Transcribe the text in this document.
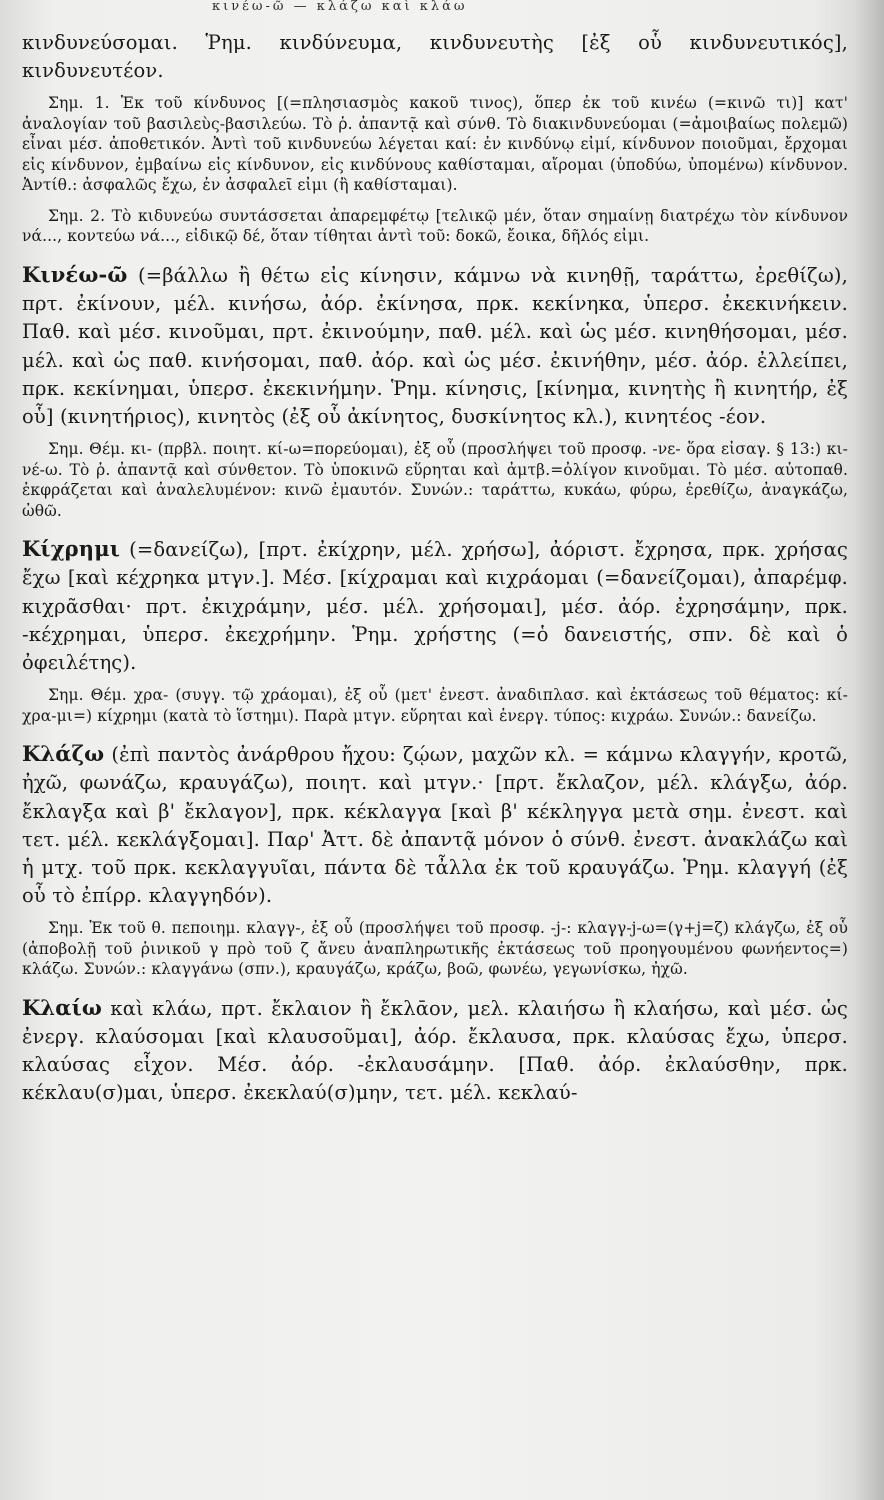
κινέω-ῶ — κλάζω καὶ κλάω

κινδυνεύσομαι. Ῥημ. κινδύνευμα, κινδυνευτὴς [ἐξ οὗ κινδυνευτικός], κινδυνευτέον.

Σημ. 1. Ἐκ τοῦ κίνδυνος [(=πλησιασμὸς κακοῦ τινος), ὅπερ ἐκ τοῦ κινέω (=κινῶ τι)] κατ' ἀναλογίαν τοῦ βασιλεὺς-βασιλεύω. Τὸ ῥ. ἀπαντᾷ καὶ σύνθ. Τὸ διακινδυνεύομαι (=ἀμοιβαίως πολεμῶ) εἶναι μέσ. ἀποθετικόν. Ἀντὶ τοῦ κινδυνεύω λέγεται καί: ἐν κινδύνῳ εἰμί, κίνδυνον ποιοῦμαι, ἔρχομαι εἰς κίνδυνον, ἐμβαίνω εἰς κίνδυνον, εἰς κινδύνους καθίσταμαι, αἴρομαι (ὑποδύω, ὑπομένω) κίνδυνον. Ἀντίθ.: ἀσφαλῶς ἔχω, ἐν ἀσφαλεῖ εἰμι (ἢ καθίσταμαι).

Σημ. 2. Τὸ κιδυνεύω συντάσσεται ἀπαρεμφέτῳ [τελικῷ μέν, ὅταν σημαίνῃ διατρέχω τὸν κίνδυνον νά..., κοντεύω νά..., εἰδικῷ δέ, ὅταν τίθηται ἀντὶ τοῦ: δοκῶ, ἔοικα, δῆλός εἰμι.

Κινέω-ῶ (=βάλλω ἢ θέτω εἰς κίνησιν, κάμνω νὰ κινηθῇ, ταράττω, ἐρεθίζω), πρτ. ἐκίνουν, μέλ. κινήσω, ἀόρ. ἐκίνησα, πρκ. κεκίνηκα, ὑπερσ. ἐκεκινήκειν. Παθ. καὶ μέσ. κινοῦμαι, πρτ. ἐκινούμην, παθ. μέλ. καὶ ὡς μέσ. κινηθήσομαι, μέσ. μέλ. καὶ ὡς παθ. κινήσομαι, παθ. ἀόρ. καὶ ὡς μέσ. ἐκινήθην, μέσ. ἀόρ. ἐλλείπει, πρκ. κεκίνημαι, ὑπερσ. ἐκεκινήμην. Ῥημ. κίνησις, [κίνημα, κινητὴς ἢ κινητήρ, ἐξ οὗ] (κινητήριος), κινητὸς (ἐξ οὗ ἀκίνητος, δυσκίνητος κλ.), κινητέος -έον.

Σημ. Θέμ. κι- (πρβλ. ποιητ. κί-ω=πορεύομαι), ἐξ οὗ (προσλήψει τοῦ προσφ. -νε- ὅρα εἰσαγ. § 13:) κι-νέ-ω. Τὸ ῥ. ἀπαντᾷ καὶ σύνθετον. Τὸ ὑποκινῶ εὕρηται καὶ ἀμτβ.=ὀλίγον κινοῦμαι. Τὸ μέσ. αὐτοπαθ. ἐκφράζεται καὶ ἀναλελυμένον: κινῶ ἐμαυτόν. Συνών.: ταράττω, κυκάω, φύρω, ἐρεθίζω, ἀναγκάζω, ὠθῶ.

Κίχρημι (=δανείζω), [πρτ. ἐκίχρην, μέλ. χρήσω], ἀόριστ. ἔχρησα, πρκ. χρήσας ἔχω [καὶ κέχρηκα μτγν.]. Μέσ. [κίχραμαι καὶ κιχράομαι (=δανείζομαι), ἀπαρέμφ. κιχρᾶσθαι· πρτ. ἐκιχράμην, μέσ. μέλ. χρήσομαι], μέσ. ἀόρ. ἐχρησάμην, πρκ. -κέχρημαι, ὑπερσ. ἐκεχρήμην. Ῥημ. χρήστης (=ὁ δανειστής, σπν. δὲ καὶ ὁ ὀφειλέτης).

Σημ. Θέμ. χρα- (συγγ. τῷ χράομαι), ἐξ οὗ (μετ' ἐνεστ. ἀναδιπλασ. καὶ ἐκτάσεως τοῦ θέματος: κί-χρα-μι=) κίχρημι (κατὰ τὸ ἵστημι). Παρὰ μτγν. εὕρηται καὶ ἐνεργ. τύπος: κιχράω. Συνών.: δανείζω.

Κλάζω (ἐπὶ παντὸς ἀνάρθρου ἤχου: ζῴων, μαχῶν κλ. = κάμνω κλαγγήν, κροτῶ, ἠχῶ, φωνάζω, κραυγάζω), ποιητ. καὶ μτγν.· [πρτ. ἔκλαζον, μέλ. κλάγξω, ἀόρ. ἔκλαγξα καὶ β' ἔκλαγον], πρκ. κέκλαγγα [καὶ β' κέκληγγα μετὰ σημ. ἐνεστ. καὶ τετ. μέλ. κεκλάγξομαι]. Παρ' Ἀττ. δὲ ἀπαντᾷ μόνον ὁ σύνθ. ἐνεστ. ἀνακλάζω καὶ ἡ μτχ. τοῦ πρκ. κεκλαγγυῖαι, πάντα δὲ τἆλλα ἐκ τοῦ κραυγάζω. Ῥημ. κλαγγή (ἐξ οὗ τὸ ἐπίρρ. κλαγγηδόν).

Σημ. Ἐκ τοῦ θ. πεποιημ. κλαγγ-, ἐξ οὗ (προσλήψει τοῦ προσφ. -j-: κλαγγ-j-ω=(γ+j=ζ) κλάγζω, ἐξ οὗ (ἀποβολῇ τοῦ ῥινικοῦ γ πρὸ τοῦ ζ ἄνευ ἀναπληρωτικῆς ἐκτάσεως τοῦ προηγουμένου φωνήεντος=) κλάζω. Συνών.: κλαγγάνω (σπν.), κραυγάζω, κράζω, βοῶ, φωνέω, γεγωνίσκω, ἠχῶ.

Κλαίω καὶ κλάω, πρτ. ἔκλαιον ἢ ἔκλᾱον, μελ. κλαιήσω ἢ κλαήσω, καὶ μέσ. ὡς ἐνεργ. κλαύσομαι [καὶ κλαυσοῦμαι], ἀόρ. ἔκλαυσα, πρκ. κλαύσας ἔχω, ὑπερσ. κλαύσας εἶχον. Μέσ. ἀόρ. -ἐκλαυσάμην. [Παθ. ἀόρ. ἐκλαύσθην, πρκ. κέκλαυ(σ)μαι, ὑπερσ. ἐκεκλαύ(σ)μην, τετ. μέλ. κεκλαύ-
